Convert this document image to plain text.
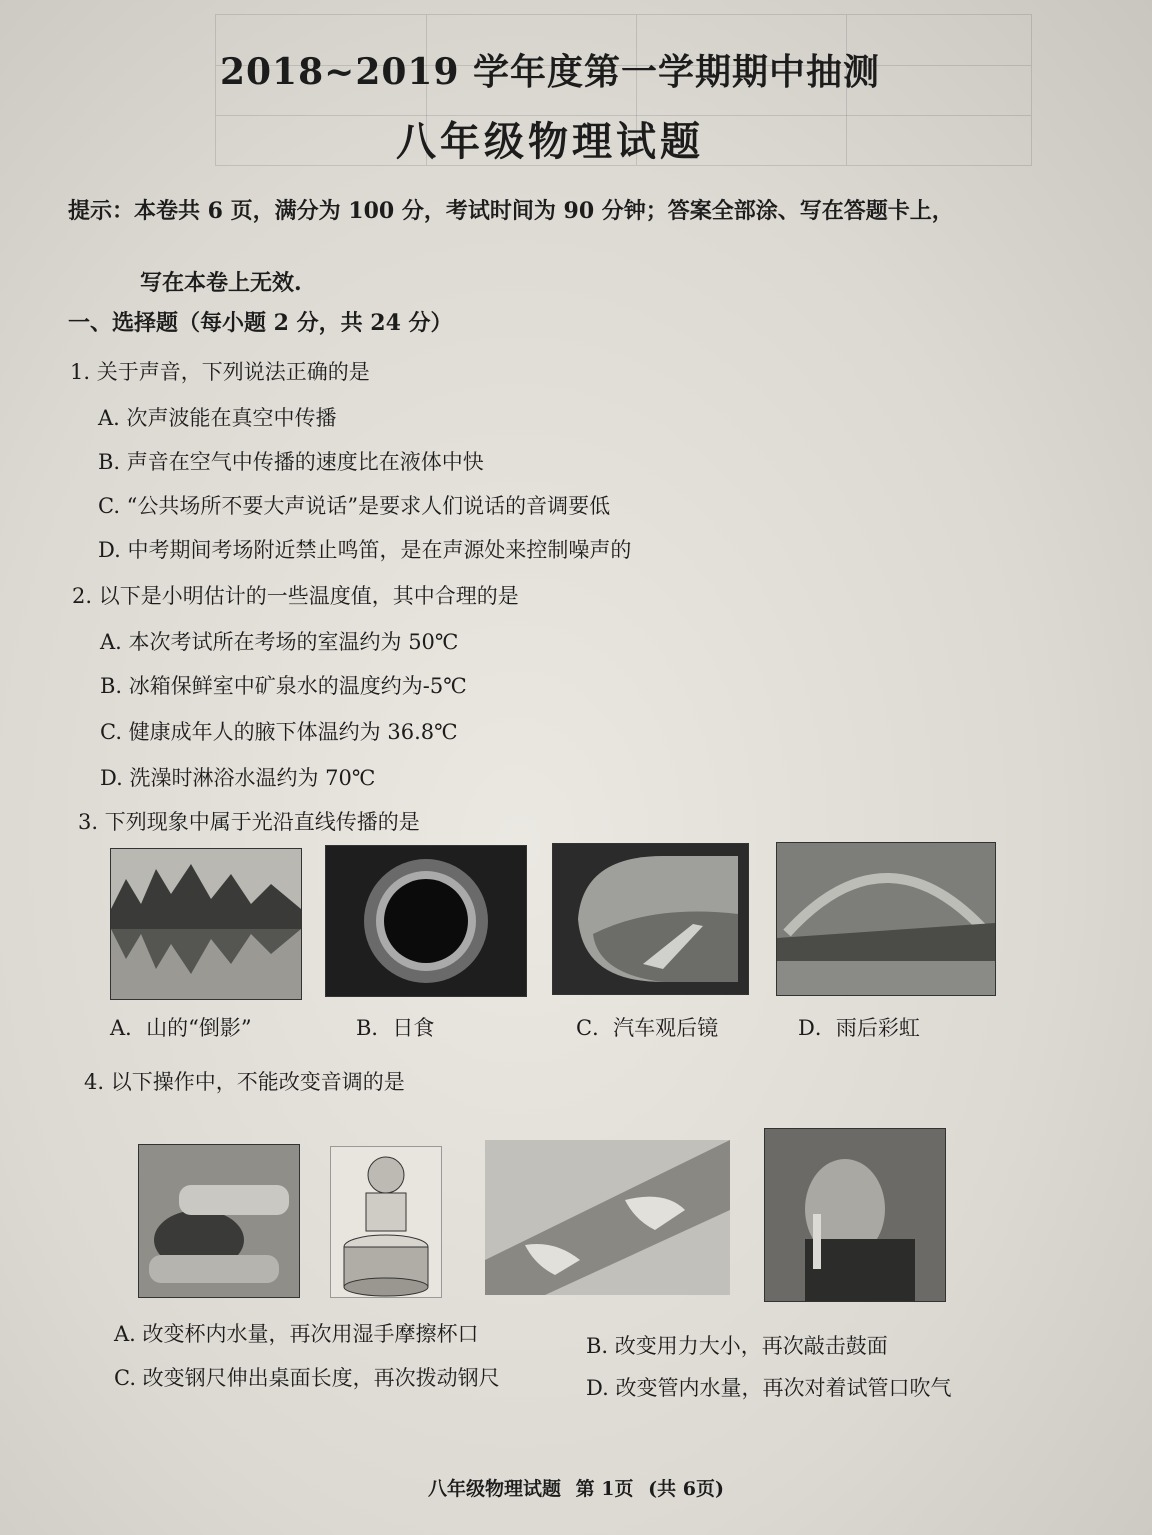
2018~2019 学年度第一学期期中抽测
八年级物理试题
提示：本卷共 6 页，满分为 100 分，考试时间为 90 分钟；答案全部涂、写在答题卡上，
写在本卷上无效.
一、选择题（每小题 2 分，共 24 分）
1. 关于声音，下列说法正确的是
A. 次声波能在真空中传播
B. 声音在空气中传播的速度比在液体中快
C. “公共场所不要大声说话”是要求人们说话的音调要低
D. 中考期间考场附近禁止鸣笛，是在声源处来控制噪声的
2. 以下是小明估计的一些温度值，其中合理的是
A. 本次考试所在考场的室温约为 50℃
B. 冰箱保鲜室中矿泉水的温度约为-5℃
C. 健康成年人的腋下体温约为 36.8℃
D. 洗澡时淋浴水温约为 70℃
3. 下列现象中属于光沿直线传播的是
A．山的“倒影”	B．日食	C．汽车观后镜	D．雨后彩虹
4. 以下操作中，不能改变音调的是
A. 改变杯内水量，再次用湿手摩擦杯口	B. 改变用力大小，再次敲击鼓面
C. 改变钢尺伸出桌面长度，再次拨动钢尺	D. 改变管内水量，再次对着试管口吹气
八年级物理试题 第 1页 (共 6页)
